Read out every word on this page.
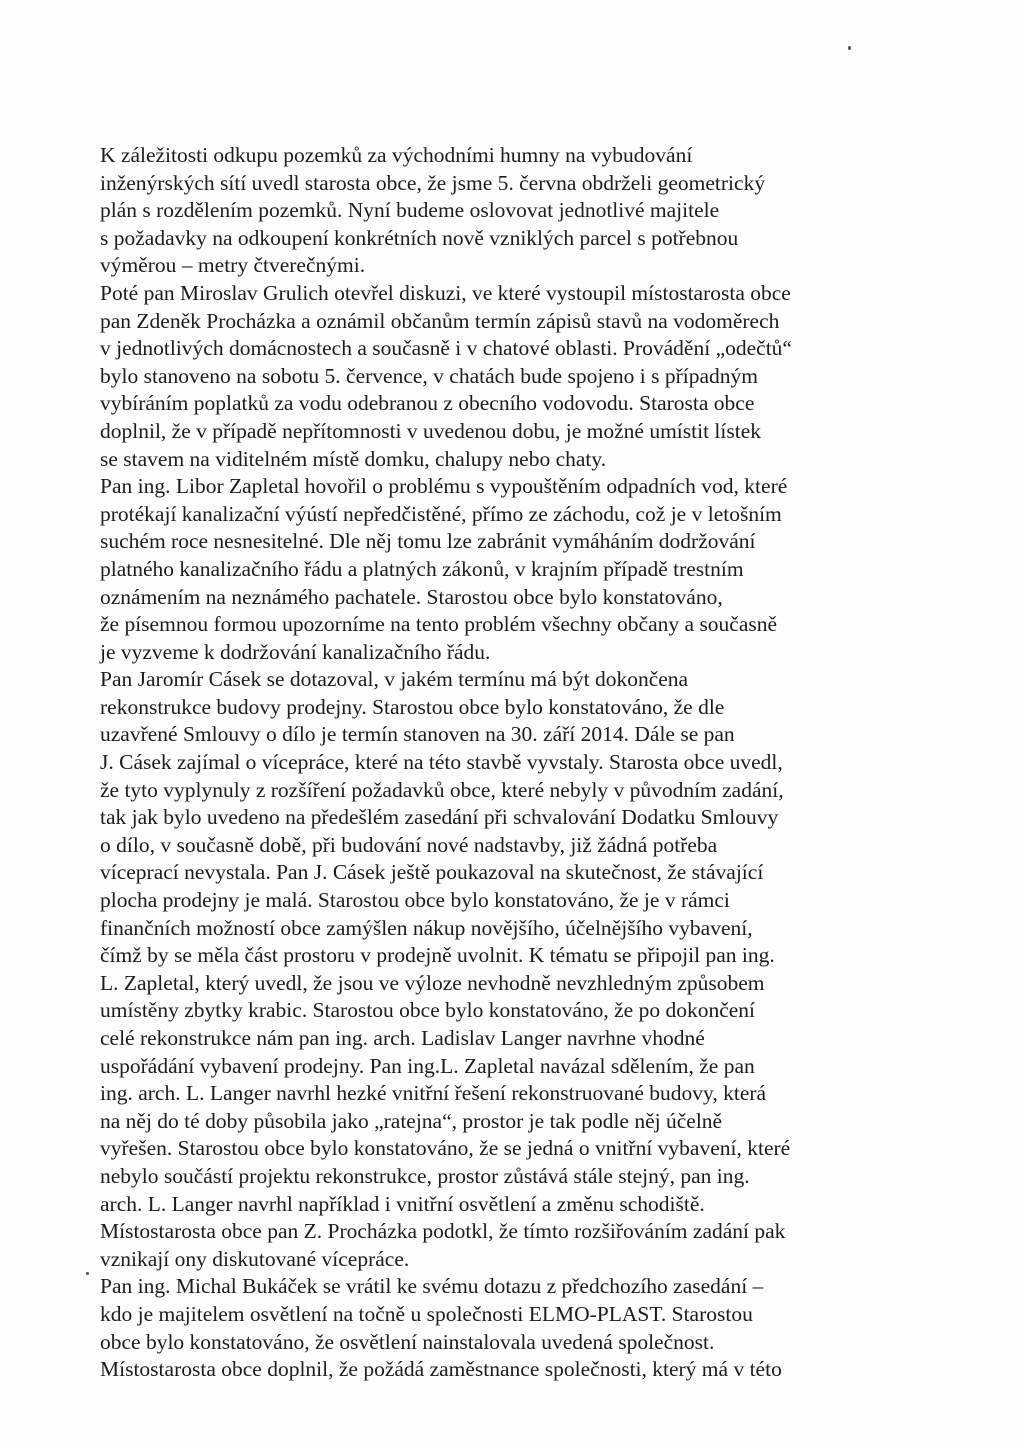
K záležitosti odkupu pozemků za východními humny na vybudování
inženýrských sítí uvedl starosta obce, že jsme 5. června obdrželi geometrický
plán s rozdělením pozemků. Nyní budeme oslovovat jednotlivé majitele
s požadavky na odkoupení konkrétních nově vzniklých parcel s potřebnou
výměrou – metry čtverečnými.
Poté pan Miroslav Grulich otevřel diskuzi, ve které vystoupil místostarosta obce
pan Zdeněk Procházka a oznámil občanům termín zápisů stavů na vodoměrech
v jednotlivých domácnostech a současně i v chatové oblasti. Provádění „odečtů“
bylo stanoveno na sobotu 5. července, v chatách bude spojeno i s případným
vybíráním poplatků za vodu odebranou z obecního vodovodu. Starosta obce
doplnil, že v případě nepřítomnosti v uvedenou dobu, je možné umístit lístek
se stavem na viditelném místě domku, chalupy nebo chaty.
Pan ing. Libor Zapletal hovořil o problému s vypouštěním odpadních vod, které
protékají kanalizační výústí nepředčistěné, přímo ze záchodu, což je v letošním
suchém roce nesnesitelné. Dle něj tomu lze zabránit vymáháním dodržování
platného kanalizačního řádu a platných zákonů, v krajním případě trestním
oznámením na neznámého pachatele. Starostou obce bylo konstatováno,
že písemnou formou upozorníme na tento problém všechny občany a současně
je vyzveme k dodržování kanalizačního řádu.
Pan Jaromír Cásek se dotazoval, v jakém termínu má být dokončena
rekonstrukce budovy prodejny. Starostou obce bylo konstatováno, že dle
uzavřené Smlouvy o dílo je termín stanoven na 30. září 2014. Dále se pan
J. Cásek zajímal o vícepráce, které na této stavbě vyvstaly. Starosta obce uvedl,
že tyto vyplynuly z rozšíření požadavků obce, které nebyly v původním zadání,
tak jak bylo uvedeno na předešlém zasedání při schvalování Dodatku Smlouvy
o dílo, v současně době, při budování nové nadstavby, již žádná potřeba
víceprací nevystala. Pan J. Cásek ještě poukazoval na skutečnost, že stávající
plocha prodejny je malá. Starostou obce bylo konstatováno, že je v rámci
finančních možností obce zamýšlen nákup novějšího, účelnějšího vybavení,
čímž by se měla část prostoru v prodejně uvolnit. K tématu se připojil pan ing.
L. Zapletal, který uvedl, že jsou ve výloze nevhodně nevzhledným způsobem
umístěny zbytky krabic. Starostou obce bylo konstatováno, že po dokončení
celé rekonstrukce nám pan ing. arch. Ladislav Langer navrhne vhodné
uspořádání vybavení prodejny. Pan ing.L. Zapletal navázal sdělením, že pan
ing. arch. L. Langer navrhl hezké vnitřní řešení rekonstruované budovy, která
na něj do té doby působila jako „ratejna“, prostor je tak podle něj účelně
vyřešen. Starostou obce bylo konstatováno, že se jedná o vnitřní vybavení, které
nebylo součástí projektu rekonstrukce, prostor zůstává stále stejný, pan ing.
arch. L. Langer navrhl například i vnitřní osvětlení a změnu schodiště.
Místostarosta obce pan Z. Procházka podotkl, že tímto rozšiřováním zadání pak
vznikají ony diskutované vícepráce.
Pan ing. Michal Bukáček se vrátil ke svému dotazu z předchozího zasedání –
kdo je majitelem osvětlení na točně u společnosti ELMO-PLAST. Starostou
obce bylo konstatováno, že osvětlení nainstalovala uvedená společnost.
Místostarosta obce doplnil, že požádá zaměstnance společnosti, který má v této
